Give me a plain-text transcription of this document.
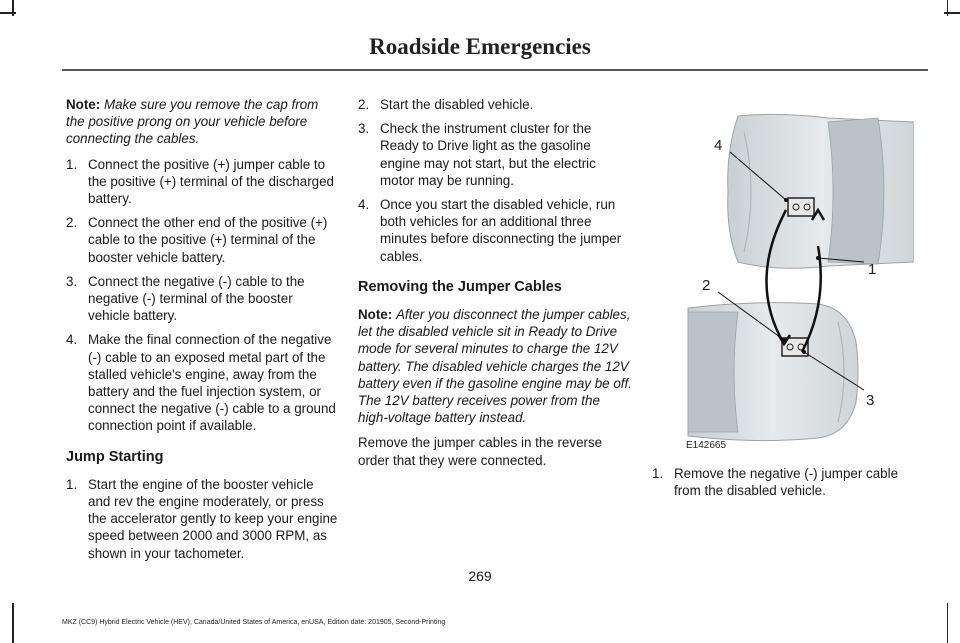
Roadside Emergencies

Note: Make sure you remove the cap from the positive prong on your vehicle before connecting the cables.

1. Connect the positive (+) jumper cable to the positive (+) terminal of the discharged battery.
2. Connect the other end of the positive (+) cable to the positive (+) terminal of the booster vehicle battery.
3. Connect the negative (-) cable to the negative (-) terminal of the booster vehicle battery.
4. Make the final connection of the negative (-) cable to an exposed metal part of the stalled vehicle's engine, away from the battery and the fuel injection system, or connect the negative (-) cable to a ground connection point if available.
Jump Starting
1. Start the engine of the booster vehicle and rev the engine moderately, or press the accelerator gently to keep your engine speed between 2000 and 3000 RPM, as shown in your tachometer.
2. Start the disabled vehicle.
3. Check the instrument cluster for the Ready to Drive light as the gasoline engine may not start, but the electric motor may be running.
4. Once you start the disabled vehicle, run both vehicles for an additional three minutes before disconnecting the jumper cables.
Removing the Jumper Cables

Note: After you disconnect the jumper cables, let the disabled vehicle sit in Ready to Drive mode for several minutes to charge the 12V battery. The disabled vehicle charges the 12V battery even if the gasoline engine may be off. The 12V battery receives power from the high-voltage battery instead.

Remove the jumper cables in the reverse order that they were connected.

4
1
2
3
E142665
1. Remove the negative (-) jumper cable from the disabled vehicle.
269
MKZ (CC9) Hybrid Electric Vehicle (HEV), Canada/United States of America, enUSA, Edition date: 201905, Second-Printing
